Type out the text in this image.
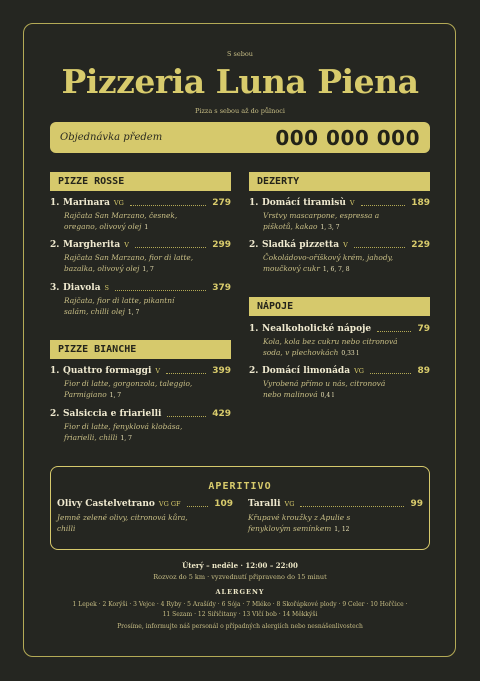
S sebou
Pizzeria Luna Piena
Pizza s sebou až do půlnoci
Objednávka předem	000 000 000
PIZZE ROSSE
PIZZE BIANCHE
DEZERTY
NÁPOJE
1. Marinara VG	279
Rajčata San Marzano, česnek,
oregano, olivový olej 1
2. Margherita V	299
Rajčata San Marzano, fior di latte,
bazalka, olivový olej 1, 7
3. Diavola S	379
Rajčata, fior di latte, pikantní
salám, chilli olej 1, 7
1. Quattro formaggi V	399
Fior di latte, gorgonzola, taleggio,
Parmigiano 1, 7
2. Salsiccia e friarielli	429
Fior di latte, fenyklová klobása,
friarielli, chilli 1, 7
1. Domácí tiramisù V	189
Vrstvy mascarpone, espressa a
piškotů, kakao 1, 3, 7
2. Sladká pizzetta V	229
Čokoládovo-oříškový krém, jahody,
moučkový cukr 1, 6, 7, 8
1. Nealkoholické nápoje	79
Kola, kola bez cukru nebo citronová
soda, v plechovkách 0,33 l
2. Domácí limonáda VG	89
Vyrobená přímo u nás, citronová
nebo malinová 0,4 l
APERITIVO
Olivy Castelvetrano VG GF	109
Jemně zelené olivy, citronová kůra,
chilli
Taralli VG	99
Křupavé kroužky z Apulie s
fenyklovým semínkem 1, 12
Úterý – neděle · 12:00 – 22:00
Rozvoz do 5 km · vyzvednutí připraveno do 15 minut
ALERGENY
1 Lepek · 2 Korýši · 3 Vejce · 4 Ryby · 5 Arašídy · 6 Sója · 7 Mléko · 8 Skořápkové plody · 9 Celer · 10 Hořčice ·
11 Sezam · 12 Siřičitany · 13 Vlčí bob · 14 Měkkýši
Prosíme, informujte náš personál o případných alergiích nebo nesnášenlivostech
